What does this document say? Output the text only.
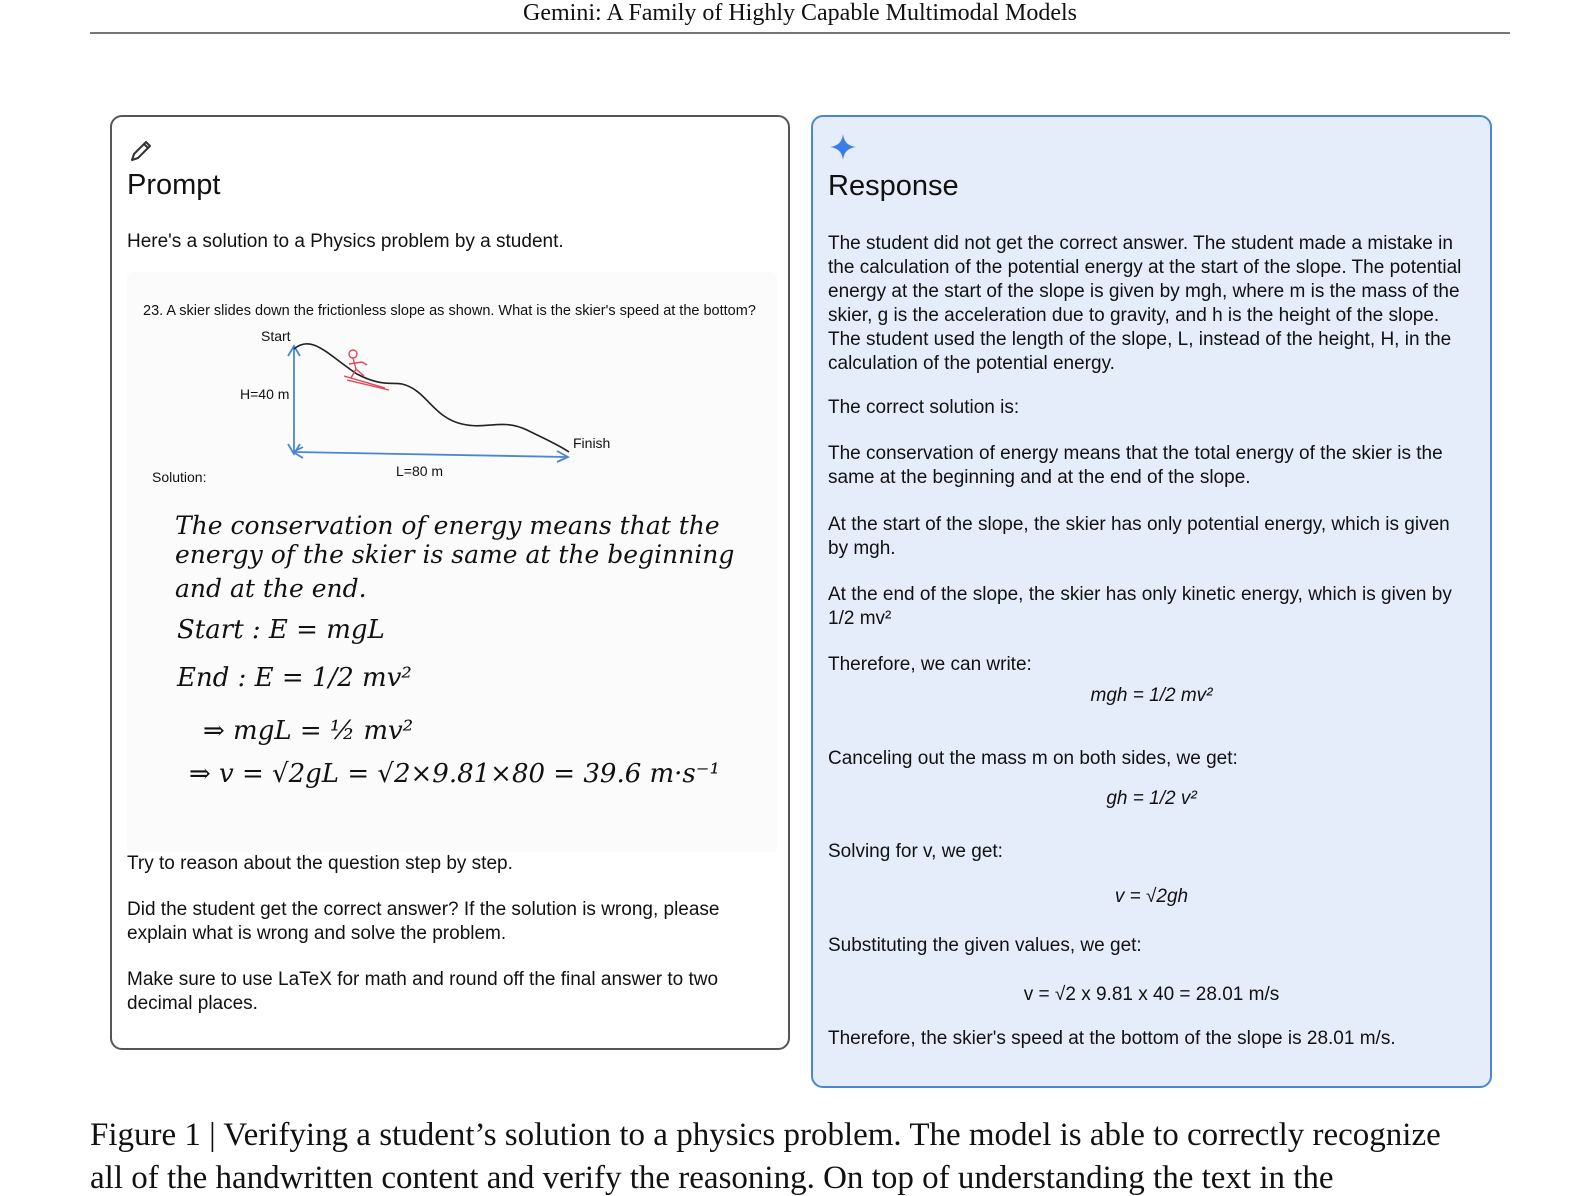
Gemini: A Family of Highly Capable Multimodal Models
Prompt

Here's a solution to a Physics problem by a student.

23. A skier slides down the frictionless slope as shown. What is the skier's speed at the bottom?
Start
H=40 m
Finish
L=80 m
Solution:
The conservation of energy means that the
energy of the skier is same at the beginning
and at the end.
Start : E = mgL
End : E = 1/2 mv²
⇒ mgL = ½ mv²
⇒ v = √2gL = √2×9.81×80 = 39.6 m·s⁻¹

Try to reason about the question step by step.

Did the student get the correct answer? If the solution is wrong, please explain what is wrong and solve the problem.

Make sure to use LaTeX for math and round off the final answer to two decimal places.

Response

The student did not get the correct answer. The student made a mistake in the calculation of the potential energy at the start of the slope. The potential energy at the start of the slope is given by mgh, where m is the mass of the skier, g is the acceleration due to gravity, and h is the height of the slope. The student used the length of the slope, L, instead of the height, H, in the calculation of the potential energy.

The correct solution is:

The conservation of energy means that the total energy of the skier is the same at the beginning and at the end of the slope.

At the start of the slope, the skier has only potential energy, which is given by mgh.

At the end of the slope, the skier has only kinetic energy, which is given by 1/2 mv²

Therefore, we can write:

mgh = 1/2 mv²

Canceling out the mass m on both sides, we get:

gh = 1/2 v²

Solving for v, we get:

v = √2gh

Substituting the given values, we get:

v = √2 x 9.81 x 40 = 28.01 m/s

Therefore, the skier's speed at the bottom of the slope is 28.01 m/s.

Figure 1 | Verifying a student’s solution to a physics problem. The model is able to correctly recognize
all of the handwritten content and verify the reasoning. On top of understanding the text in the
